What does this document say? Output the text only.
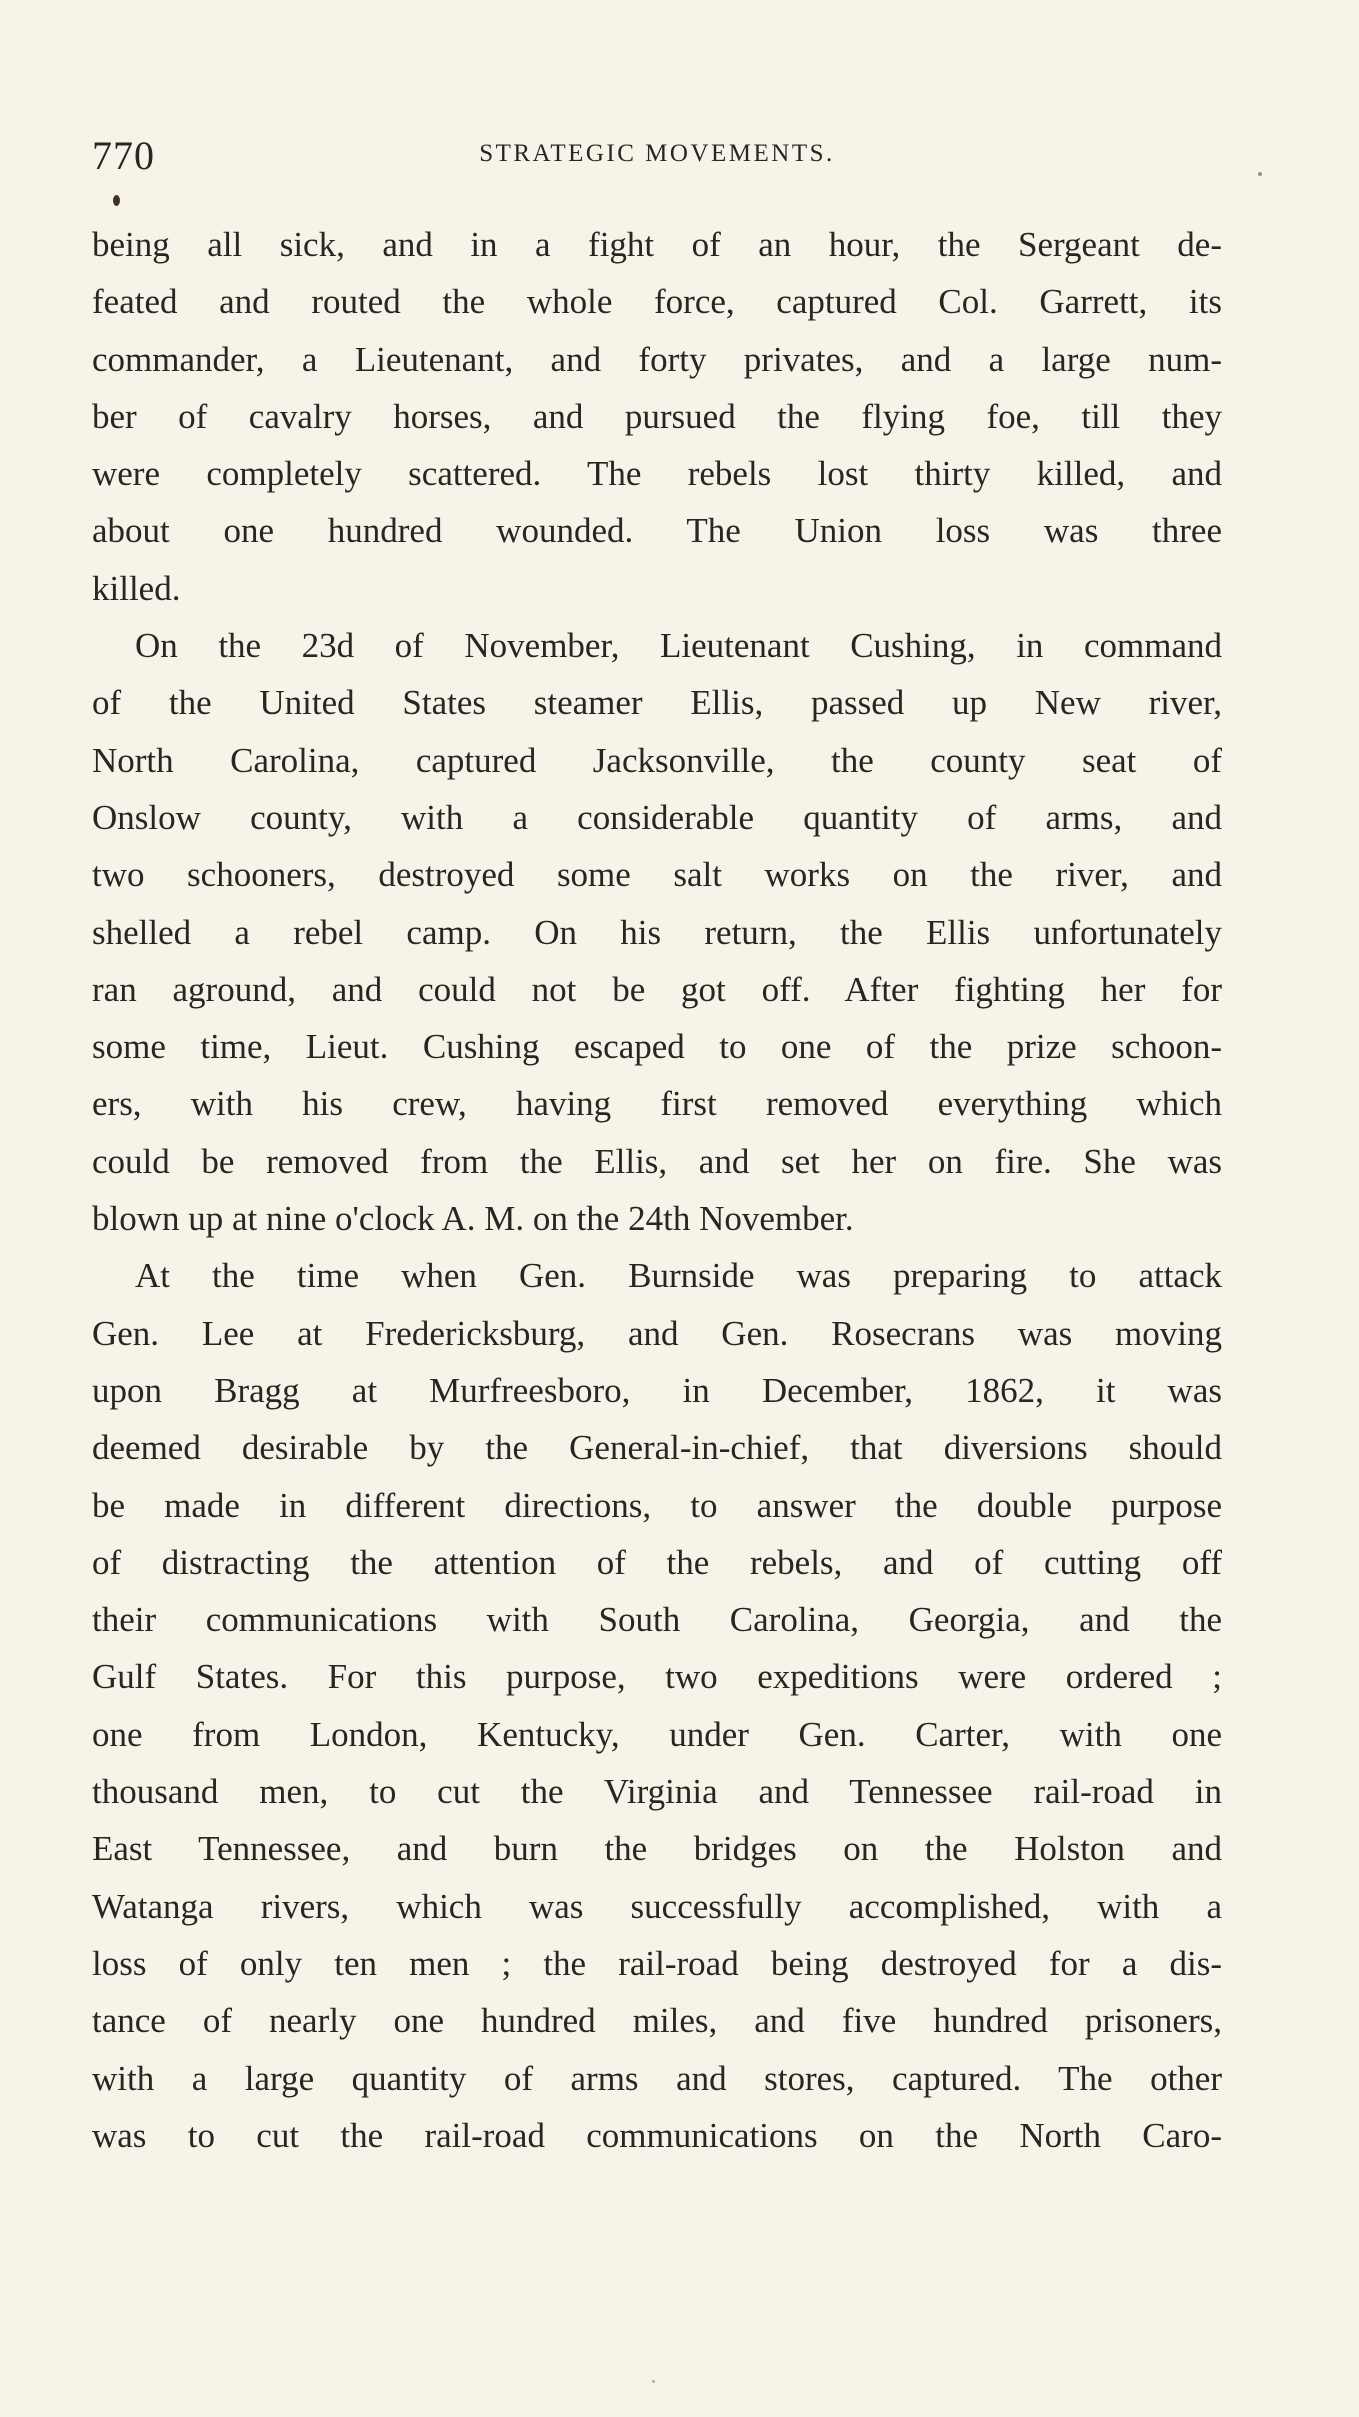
770	STRATEGIC MOVEMENTS.
being all sick, and in a fight of an hour, the Sergeant de-
feated and routed the whole force, captured Col. Garrett, its
commander, a Lieutenant, and forty privates, and a large num-
ber of cavalry horses, and pursued the flying foe, till they
were completely scattered. The rebels lost thirty killed, and
about one hundred wounded. The Union loss was three
killed.
On the 23d of November, Lieutenant Cushing, in command
of the United States steamer Ellis, passed up New river,
North Carolina, captured Jacksonville, the county seat of
Onslow county, with a considerable quantity of arms, and
two schooners, destroyed some salt works on the river, and
shelled a rebel camp. On his return, the Ellis unfortunately
ran aground, and could not be got off. After fighting her for
some time, Lieut. Cushing escaped to one of the prize schoon-
ers, with his crew, having first removed everything which
could be removed from the Ellis, and set her on fire. She was
blown up at nine o'clock A. M. on the 24th November.
At the time when Gen. Burnside was preparing to attack
Gen. Lee at Fredericksburg, and Gen. Rosecrans was moving
upon Bragg at Murfreesboro, in December, 1862, it was
deemed desirable by the General-in-chief, that diversions should
be made in different directions, to answer the double purpose
of distracting the attention of the rebels, and of cutting off
their communications with South Carolina, Georgia, and the
Gulf States. For this purpose, two expeditions were ordered ;
one from London, Kentucky, under Gen. Carter, with one
thousand men, to cut the Virginia and Tennessee rail-road in
East Tennessee, and burn the bridges on the Holston and
Watanga rivers, which was successfully accomplished, with a
loss of only ten men ; the rail-road being destroyed for a dis-
tance of nearly one hundred miles, and five hundred prisoners,
with a large quantity of arms and stores, captured. The other
was to cut the rail-road communications on the North Caro-
